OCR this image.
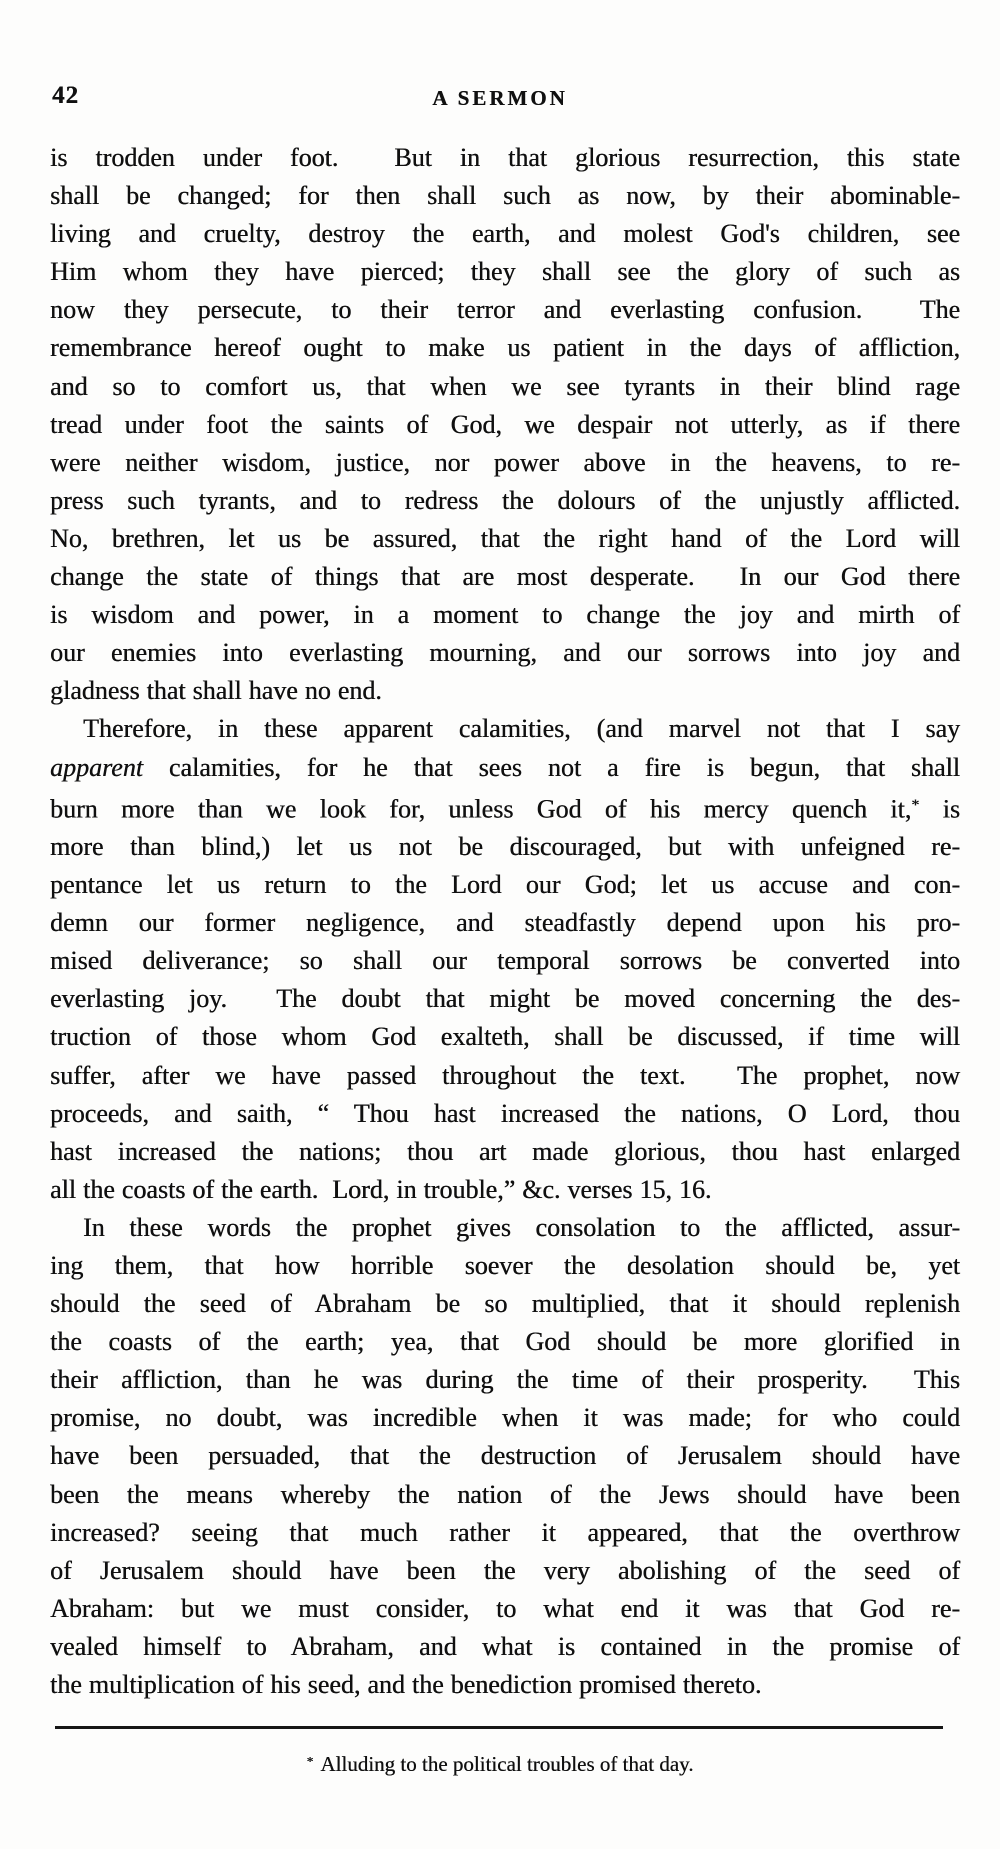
42	A SERMON
is trodden under foot.  But in that glorious resurrection, this state
shall be changed; for then shall such as now, by their abominable-
living and cruelty, destroy the earth, and molest God's children, see
Him whom they have pierced; they shall see the glory of such as
now they persecute, to their terror and everlasting confusion.  The
remembrance hereof ought to make us patient in the days of affliction,
and so to comfort us, that when we see tyrants in their blind rage
tread under foot the saints of God, we despair not utterly, as if there
were neither wisdom, justice, nor power above in the heavens, to re-
press such tyrants, and to redress the dolours of the unjustly afflicted.
No, brethren, let us be assured, that the right hand of the Lord will
change the state of things that are most desperate.  In our God there
is wisdom and power, in a moment to change the joy and mirth of
our enemies into everlasting mourning, and our sorrows into joy and
gladness that shall have no end.
Therefore, in these apparent calamities, (and marvel not that I say
apparent calamities, for he that sees not a fire is begun, that shall
burn more than we look for, unless God of his mercy quench it,* is
more than blind,) let us not be discouraged, but with unfeigned re-
pentance let us return to the Lord our God; let us accuse and con-
demn our former negligence, and steadfastly depend upon his pro-
mised deliverance; so shall our temporal sorrows be converted into
everlasting joy.  The doubt that might be moved concerning the des-
truction of those whom God exalteth, shall be discussed, if time will
suffer, after we have passed throughout the text.  The prophet, now
proceeds, and saith, “ Thou hast increased the nations, O Lord, thou
hast increased the nations; thou art made glorious, thou hast enlarged
all the coasts of the earth.  Lord, in trouble,” &c. verses 15, 16.
In these words the prophet gives consolation to the afflicted, assur-
ing them, that how horrible soever the desolation should be, yet
should the seed of Abraham be so multiplied, that it should replenish
the coasts of the earth; yea, that God should be more glorified in
their affliction, than he was during the time of their prosperity.  This
promise, no doubt, was incredible when it was made; for who could
have been persuaded, that the destruction of Jerusalem should have
been the means whereby the nation of the Jews should have been
increased? seeing that much rather it appeared, that the overthrow
of Jerusalem should have been the very abolishing of the seed of
Abraham: but we must consider, to what end it was that God re-
vealed himself to Abraham, and what is contained in the promise of
the multiplication of his seed, and the benediction promised thereto.
* Alluding to the political troubles of that day.
